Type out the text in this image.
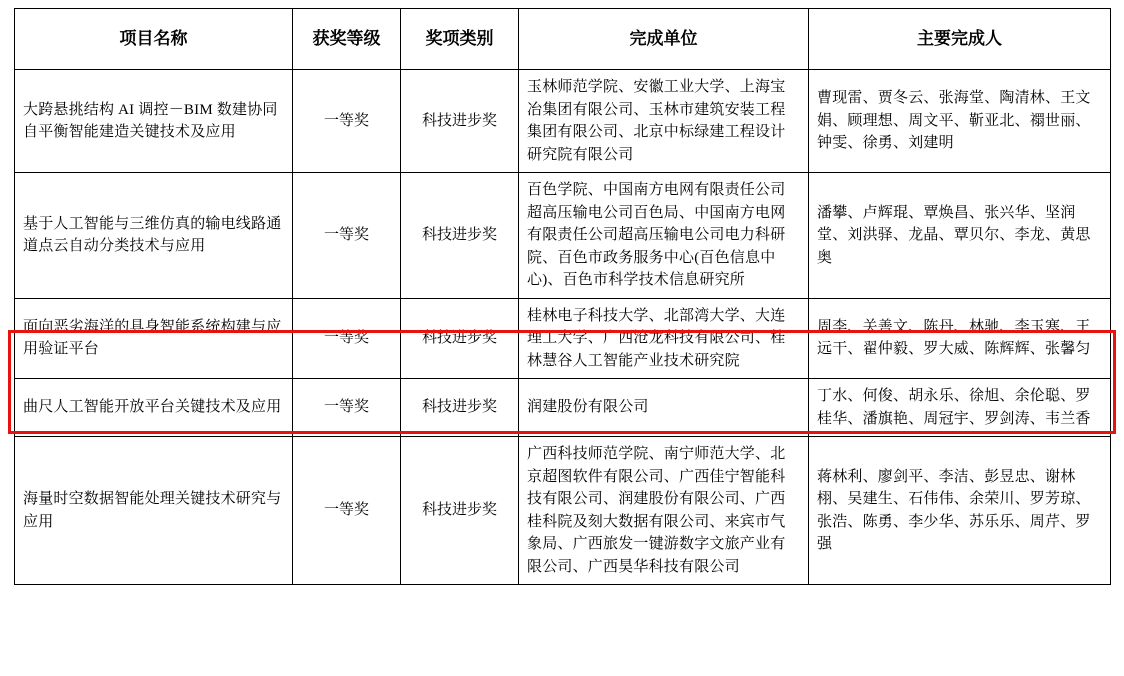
项目名称	获奖等级	奖项类别	完成单位	主要完成人
大跨悬挑结构 AI 调控－BIM 数建协同自平衡智能建造关键技术及应用	一等奖	科技进步奖	玉林师范学院、安徽工业大学、上海宝冶集团有限公司、玉林市建筑安装工程集团有限公司、北京中标绿建工程设计研究院有限公司	曹现雷、贾冬云、张海堂、陶清林、王文娟、顾理想、周文平、靳亚北、禤世丽、钟雯、徐勇、刘建明
基于人工智能与三维仿真的输电线路通道点云自动分类技术与应用	一等奖	科技进步奖	百色学院、中国南方电网有限责任公司超高压输电公司百色局、中国南方电网有限责任公司超高压输电公司电力科研院、百色市政务服务中心(百色信息中心)、百色市科学技术信息研究所	潘攀、卢辉琨、覃焕昌、张兴华、坚润堂、刘洪驿、龙晶、覃贝尔、李龙、黄思奥
面向恶劣海洋的具身智能系统构建与应用验证平台	一等奖	科技进步奖	桂林电子科技大学、北部湾大学、大连理工大学、广西沧龙科技有限公司、桂林慧谷人工智能产业技术研究院	周李、关善文、陈丹、林驰、李玉寒、王远干、翟仲毅、罗大威、陈辉辉、张馨匀
曲尺人工智能开放平台关键技术及应用	一等奖	科技进步奖	润建股份有限公司	丁水、何俊、胡永乐、徐旭、余伦聪、罗桂华、潘旗艳、周冠宇、罗剑涛、韦兰香
海量时空数据智能处理关键技术研究与应用	一等奖	科技进步奖	广西科技师范学院、南宁师范大学、北京超图软件有限公司、广西佳宁智能科技有限公司、润建股份有限公司、广西桂科院及刻大数据有限公司、来宾市气象局、广西旅发一键游数字文旅产业有限公司、广西昊华科技有限公司	蒋林利、廖剑平、李洁、彭昱忠、谢林栩、吴建生、石伟伟、余荣川、罗芳琼、张浩、陈勇、李少华、苏乐乐、周芹、罗强
